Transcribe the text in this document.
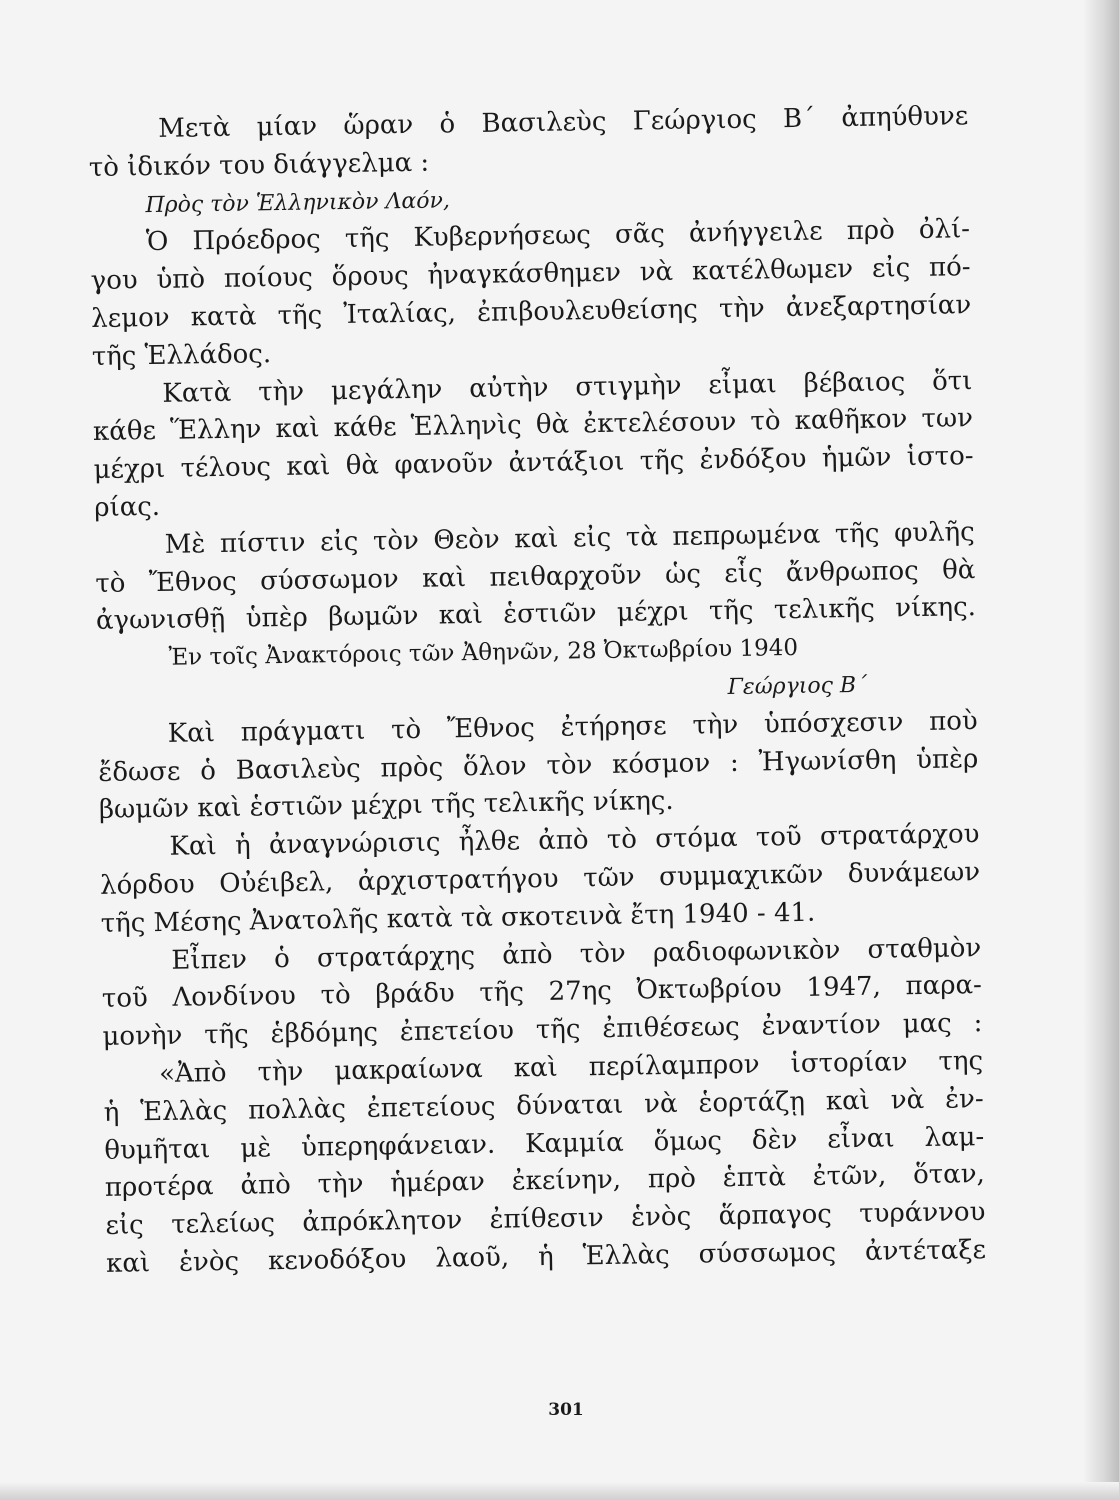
Μετὰ μίαν ὥραν ὁ Βασιλεὺς Γεώργιος Β΄ ἀπηύθυνε
τὸ ἰδικόν του διάγγελμα :
Πρὸς τὸν Ἑλληνικὸν Λαόν,
Ὁ Πρόεδρος τῆς Κυβερνήσεως σᾶς ἀνήγγειλε πρὸ ὀλί-
γου ὑπὸ ποίους ὅρους ἠναγκάσθημεν νὰ κατέλθωμεν εἰς πό-
λεμον κατὰ τῆς Ἰταλίας, ἐπιβουλευθείσης τὴν ἀνεξαρτησίαν
τῆς Ἑλλάδος.
Κατὰ τὴν μεγάλην αὐτὴν στιγμὴν εἶμαι βέβαιος ὅτι
κάθε Ἕλλην καὶ κάθε Ἑλληνὶς θὰ ἐκτελέσουν τὸ καθῆκον των
μέχρι τέλους καὶ θὰ φανοῦν ἀντάξιοι τῆς ἐνδόξου ἡμῶν ἱστο-
ρίας.
Μὲ πίστιν εἰς τὸν Θεὸν καὶ εἰς τὰ πεπρωμένα τῆς φυλῆς
τὸ Ἔθνος σύσσωμον καὶ πειθαρχοῦν ὡς εἷς ἄνθρωπος θὰ
ἀγωνισθῇ ὑπὲρ βωμῶν καὶ ἑστιῶν μέχρι τῆς τελικῆς νίκης.
Ἐν τοῖς Ἀνακτόροις τῶν Ἀθηνῶν, 28 Ὀκτωβρίου 1940
Γεώργιος Β΄
Καὶ πράγματι τὸ Ἔθνος ἐτήρησε τὴν ὑπόσχεσιν ποὺ
ἔδωσε ὁ Βασιλεὺς πρὸς ὅλον τὸν κόσμον : Ἠγωνίσθη ὑπὲρ
βωμῶν καὶ ἑστιῶν μέχρι τῆς τελικῆς νίκης.
Καὶ ἡ ἀναγνώρισις ἦλθε ἀπὸ τὸ στόμα τοῦ στρατάρχου
λόρδου Οὐέιβελ, ἀρχιστρατήγου τῶν συμμαχικῶν δυνάμεων
τῆς Μέσης Ἀνατολῆς κατὰ τὰ σκοτεινὰ ἔτη 1940 - 41.
Εἶπεν ὁ στρατάρχης ἀπὸ τὸν ραδιοφωνικὸν σταθμὸν
τοῦ Λονδίνου τὸ βράδυ τῆς 27ης Ὀκτωβρίου 1947, παρα-
μονὴν τῆς ἑβδόμης ἐπετείου τῆς ἐπιθέσεως ἐναντίον μας :
«Ἀπὸ τὴν μακραίωνα καὶ περίλαμπρον ἱστορίαν της
ἡ Ἑλλὰς πολλὰς ἐπετείους δύναται νὰ ἑορτάζῃ καὶ νὰ ἐν-
θυμῆται μὲ ὑπερηφάνειαν. Καμμία ὅμως δὲν εἶναι λαμ-
προτέρα ἀπὸ τὴν ἡμέραν ἐκείνην, πρὸ ἑπτὰ ἐτῶν, ὅταν,
εἰς τελείως ἀπρόκλητον ἐπίθεσιν ἑνὸς ἅρπαγος τυράννου
καὶ ἑνὸς κενοδόξου λαοῦ, ἡ Ἑλλὰς σύσσωμος ἀντέταξε
301
